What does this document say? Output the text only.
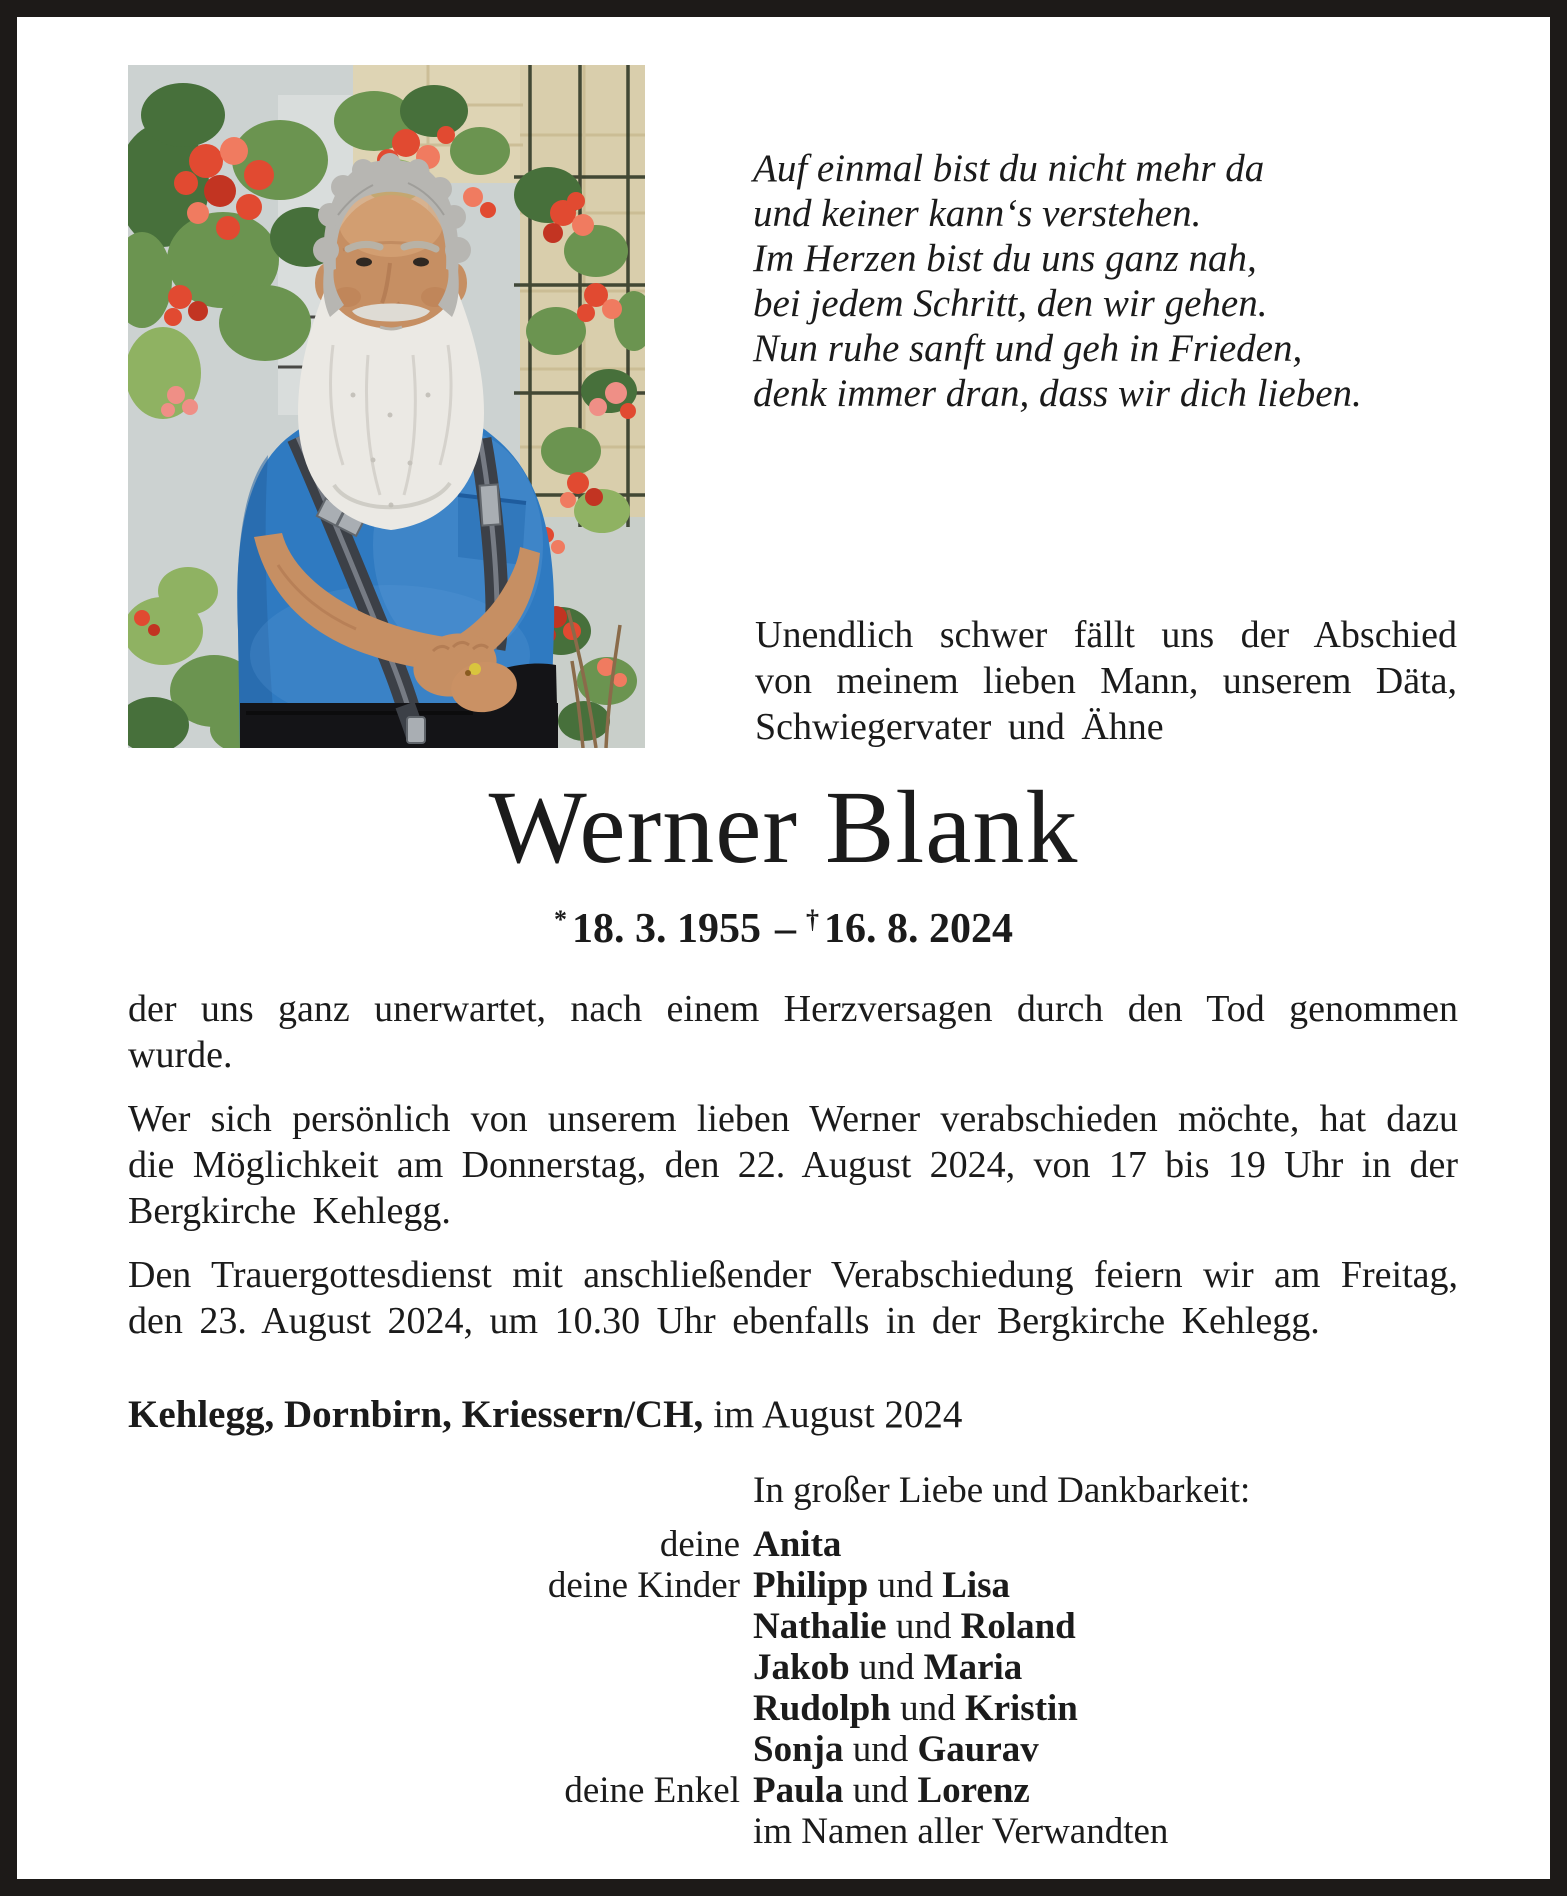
Auf einmal bist du nicht mehr da
und keiner kann‘s verstehen.
Im Herzen bist du uns ganz nah,
bei jedem Schritt, den wir gehen.
Nun ruhe sanft und geh in Frieden,
denk immer dran, dass wir dich lieben.

Unendlich schwer fällt uns der Abschied von meinem lieben Mann, unserem Däta, Schwiegervater und Ähne

Werner Blank
* 18. 3. 1955 – † 16. 8. 2024

der uns ganz unerwartet, nach einem Herzversagen durch den Tod genommen wurde.

Wer sich persönlich von unserem lieben Werner verabschieden möchte, hat dazu die Möglichkeit am Donnerstag, den 22. August 2024, von 17 bis 19 Uhr in der Bergkirche Kehlegg.

Den Trauergottesdienst mit anschließender Verabschiedung feiern wir am Freitag, den 23. August 2024, um 10.30 Uhr ebenfalls in der Bergkirche Kehlegg.

Kehlegg, Dornbirn, Kriessern/CH, im August 2024
In großer Liebe und Dankbarkeit:
deine Anita
deine Kinder Philipp und Lisa
Nathalie und Roland
Jakob und Maria
Rudolph und Kristin
Sonja und Gaurav
deine Enkel Paula und Lorenz
im Namen aller Verwandten
